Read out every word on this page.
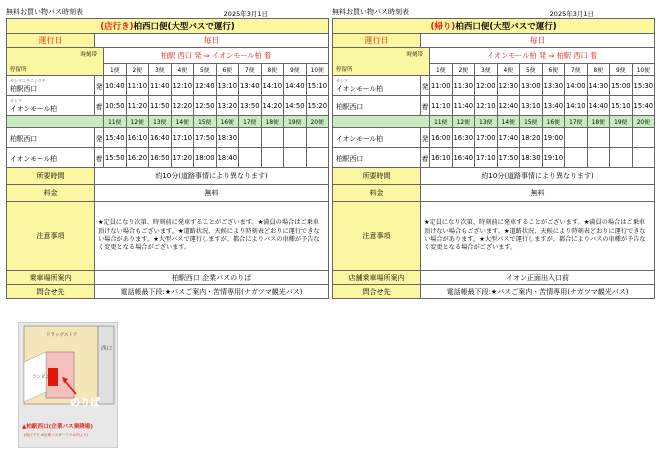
無料お買い物バス時刻表	2025年3月1日
(店行き)柏西口便(大型バスで運行)											
運行日	毎日										

時刻帯
停留所		柏駅 西口 発 ⇒ イオンモール柏 着									
		1便	2便	3便	4便	5便	6便	7便	8便	9便	10便

カシワエキニシグチ
柏駅西口	発	10:40	11:10	11:40	12:10	12:40	13:10	13:40	14:10	14:40	15:10

カシワ
イオンモール柏	着	10:50	11:20	11:50	12:20	12:50	13:20	13:50	14:20	14:50	15:20
		11便	12便	13便	14便	15便	16便	17便	18便	19便	20便
柏駅西口	発	15:40	16:10	16:40	17:10	17:50	18:30				
イオンモール柏	着	15:50	16:20	16:50	17:20	18:00	18:40				
所要時間	約10分(道路事情により異なります)										
料金	無料										
注意事項	★定員になり次第、時刻前に発車することがございます。★満員の場合はご乗車頂けない場合もございます。★道路状況、天候により時刻表どおりに運行できない場合があります。★大型バスで運行しますが、都合によりバスの車種が予告なく変更となる場合がございます。										
乗車場所案内	柏駅西口 企業バスのりば										
問合せ先	電話帳最下段:★バスご案内・苦情専用(ナガツマ観光バス)										
無料お買い物バス時刻表	2025年3月1日
(帰り)柏西口便(大型バスで運行)											
運行日	毎日										

時刻帯
停留所		イオンモール柏 発 ⇒ 柏駅 西口 着									
		1便	2便	3便	4便	5便	6便	7便	8便	9便	10便

カシワ
イオンモール柏	発	11:00	11:30	12:00	12:30	13:00	13:30	14:00	14:30	15:00	15:30
柏駅西口	着	11:10	11:40	12:10	12:40	13:10	13:40	14:10	14:40	15:10	15:40
		11便	12便	13便	14便	15便	16便	17便	18便	19便	20便
イオンモール柏	発	16:00	16:30	17:00	17:40	18:20	19:00				
柏駅西口	着	16:10	16:40	17:10	17:50	18:30	19:10				
所要時間	約10分(道路事情により異なります)										
料金	無料										
注意事項	★定員になり次第、時刻前に発車することがございます。★満員の場合はご乗車頂けない場合もございます。★道路状況、天候により時刻表どおりに運行できない場合があります。★大型バスで運行しますが、都合によりバスの車種が予告なく変更となる場合がございます。										
店舗乗車場所案内	イオン正面出入口前										
問合せ先	電話帳最下段:★バスご案内・苦情専用(ナガツマ観光バス)										
ドラッグストア
西口
コンビニ
のりば
▲柏駅西口(企業バス乗降場)
(西口下り ※企業バスターミナル内より)
